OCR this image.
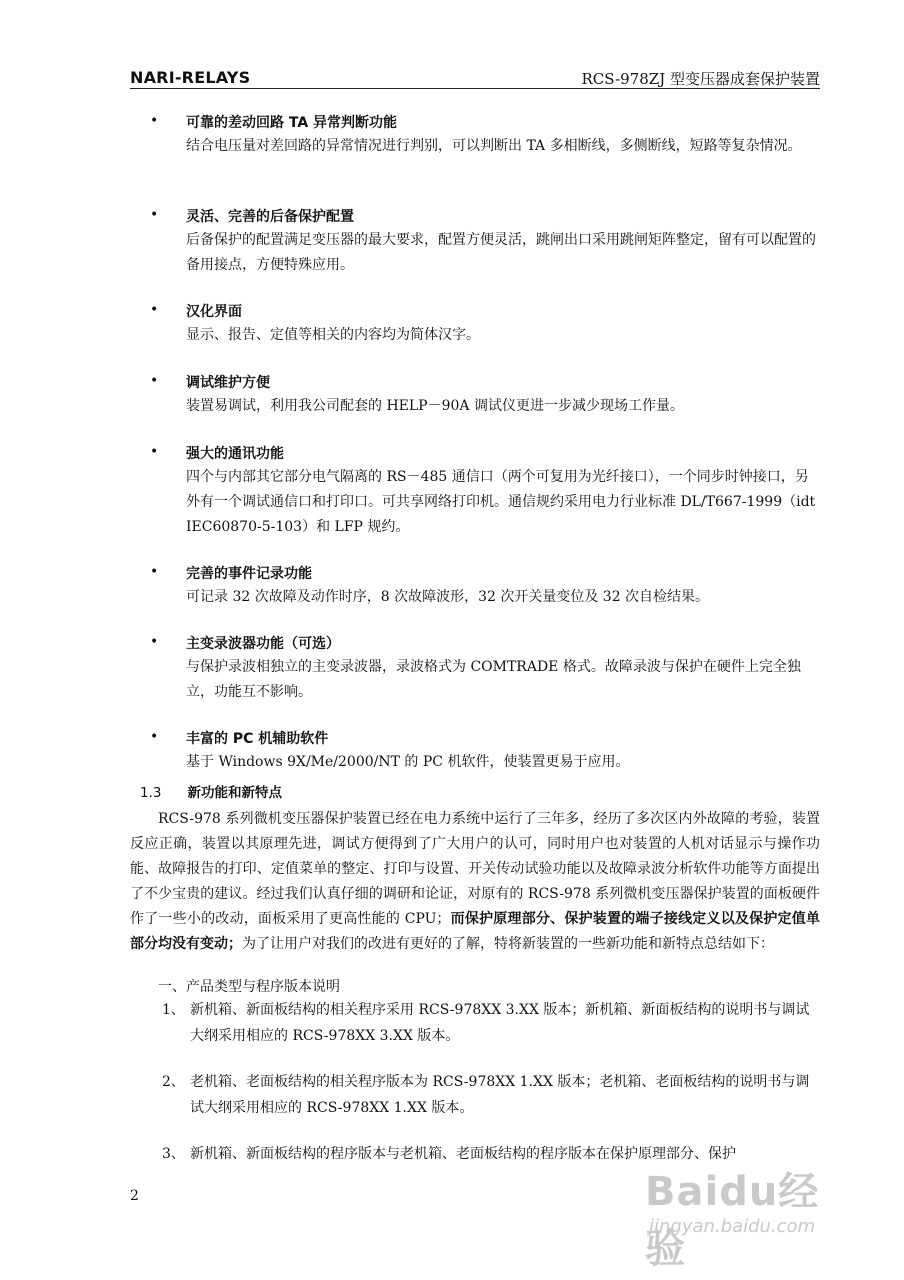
NARI-RELAYS	RCS-978ZJ 型变压器成套保护装置
• 可靠的差动回路 TA 异常判断功能
结合电压量对差回路的异常情况进行判别，可以判断出 TA 多相断线，多侧断线，短路等复杂情况。
• 灵活、完善的后备保护配置
后备保护的配置满足变压器的最大要求，配置方便灵活，跳闸出口采用跳闸矩阵整定，留有可以配置的备用接点，方便特殊应用。
• 汉化界面
显示、报告、定值等相关的内容均为简体汉字。
• 调试维护方便
装置易调试，利用我公司配套的 HELP－90A 调试仪更进一步减少现场工作量。
• 强大的通讯功能
四个与内部其它部分电气隔离的 RS－485 通信口（两个可复用为光纤接口），一个同步时钟接口，另外有一个调试通信口和打印口。可共享网络打印机。通信规约采用电力行业标准 DL/T667-1999（idt IEC60870-5-103）和 LFP 规约。
• 完善的事件记录功能
可记录 32 次故障及动作时序，8 次故障波形，32 次开关量变位及 32 次自检结果。
• 主变录波器功能（可选）
与保护录波相独立的主变录波器，录波格式为 COMTRADE 格式。故障录波与保护在硬件上完全独立，功能互不影响。
• 丰富的 PC 机辅助软件
基于 Windows 9X/Me/2000/NT 的 PC 机软件，使装置更易于应用。
1.3 新功能和新特点
RCS-978 系列微机变压器保护装置已经在电力系统中运行了三年多，经历了多次区内外故障的考验，装置反应正确，装置以其原理先进，调试方便得到了广大用户的认可，同时用户也对装置的人机对话显示与操作功能、故障报告的打印、定值菜单的整定、打印与设置、开关传动试验功能以及故障录波分析软件功能等方面提出了不少宝贵的建议。经过我们认真仔细的调研和论证，对原有的 RCS-978 系列微机变压器保护装置的面板硬件作了一些小的改动，面板采用了更高性能的 CPU；而保护原理部分、保护装置的端子接线定义以及保护定值单部分均没有变动；为了让用户对我们的改进有更好的了解，特将新装置的一些新功能和新特点总结如下：
一、产品类型与程序版本说明
1、 新机箱、新面板结构的相关程序采用 RCS-978XX 3.XX 版本；新机箱、新面板结构的说明书与调试大纲采用相应的 RCS-978XX 3.XX 版本。
2、 老机箱、老面板结构的相关程序版本为 RCS-978XX 1.XX 版本；老机箱、老面板结构的说明书与调试大纲采用相应的 RCS-978XX 1.XX 版本。
3、 新机箱、新面板结构的程序版本与老机箱、老面板结构的程序版本在保护原理部分、保护
2	Baidu经验
jingyan.baidu.com
